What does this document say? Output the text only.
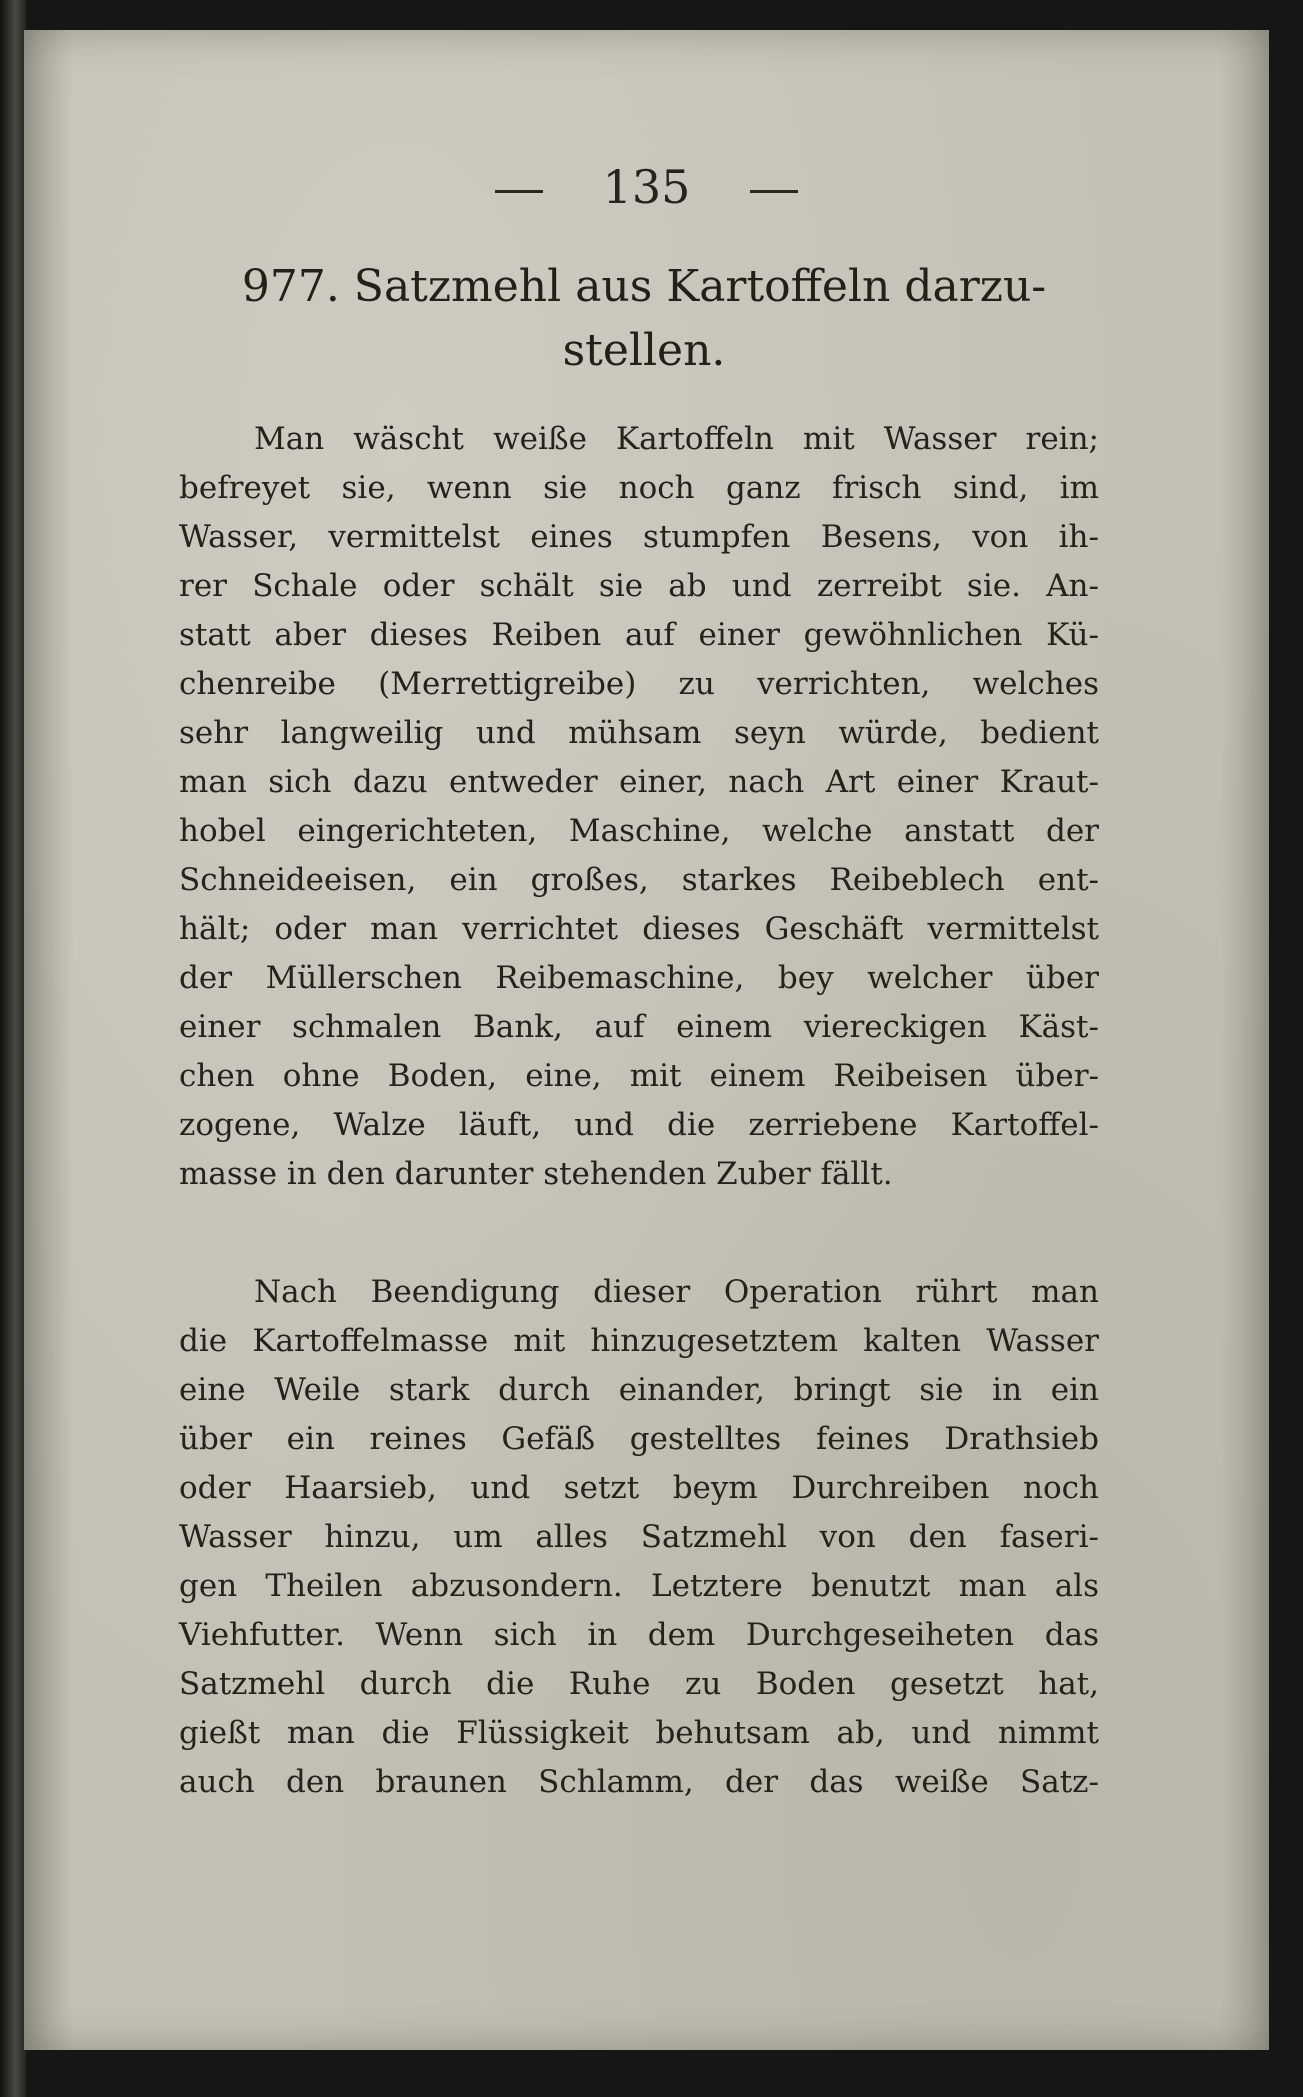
135
977. Satzmehl aus Kartoffeln darzu-
stellen.

Man wäscht weiße Kartoffeln mit Wasser rein;
befreyet sie, wenn sie noch ganz frisch sind, im
Wasser, vermittelst eines stumpfen Besens, von ih-
rer Schale oder schält sie ab und zerreibt sie. An-
statt aber dieses Reiben auf einer gewöhnlichen Kü-
chenreibe (Merrettigreibe) zu verrichten, welches
sehr langweilig und mühsam seyn würde, bedient
man sich dazu entweder einer, nach Art einer Kraut-
hobel eingerichteten, Maschine, welche anstatt der
Schneideeisen, ein großes, starkes Reibeblech ent-
hält; oder man verrichtet dieses Geschäft vermittelst
der Müllerschen Reibemaschine, bey welcher über
einer schmalen Bank, auf einem viereckigen Käst-
chen ohne Boden, eine, mit einem Reibeisen über-
zogene, Walze läuft, und die zerriebene Kartoffel-
masse in den darunter stehenden Zuber fällt.

Nach Beendigung dieser Operation rührt man
die Kartoffelmasse mit hinzugesetztem kalten Wasser
eine Weile stark durch einander, bringt sie in ein
über ein reines Gefäß gestelltes feines Drathsieb
oder Haarsieb, und setzt beym Durchreiben noch
Wasser hinzu, um alles Satzmehl von den faseri-
gen Theilen abzusondern. Letztere benutzt man als
Viehfutter. Wenn sich in dem Durchgeseiheten das
Satzmehl durch die Ruhe zu Boden gesetzt hat,
gießt man die Flüssigkeit behutsam ab, und nimmt
auch den braunen Schlamm, der das weiße Satz-
